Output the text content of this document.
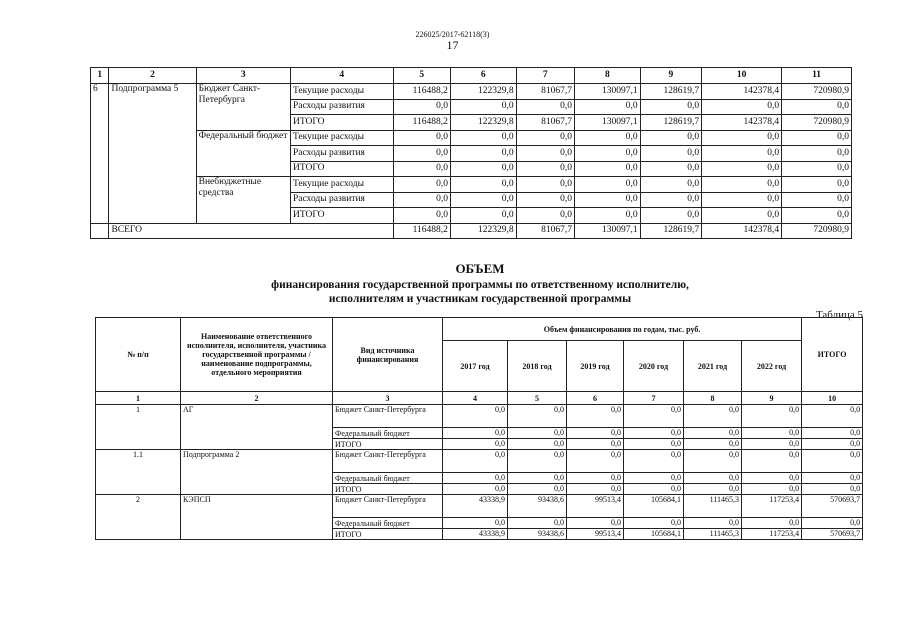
226025/2017-62118(3)
17
1	2	3	4	5	6	7	8	9	10	11
6	Подпрограмма 5	Бюджет Санкт-Петербурга	Текущие расходы	116488,2	122329,8	81067,7	130097,1	128619,7	142378,4	720980,9
			Расходы развития	0,0	0,0	0,0	0,0	0,0	0,0	0,0
			ИТОГО	116488,2	122329,8	81067,7	130097,1	128619,7	142378,4	720980,9
		Федеральный бюджет	Текущие расходы	0,0	0,0	0,0	0,0	0,0	0,0	0,0
			Расходы развития	0,0	0,0	0,0	0,0	0,0	0,0	0,0
			ИТОГО	0,0	0,0	0,0	0,0	0,0	0,0	0,0
		Внебюджетные средства	Текущие расходы	0,0	0,0	0,0	0,0	0,0	0,0	0,0
			Расходы развития	0,0	0,0	0,0	0,0	0,0	0,0	0,0
			ИТОГО	0,0	0,0	0,0	0,0	0,0	0,0	0,0
	ВСЕГО			116488,2	122329,8	81067,7	130097,1	128619,7	142378,4	720980,9
ОБЪЕМ
финансирования государственной программы по ответственному исполнителю,
исполнителям и участникам государственной программы
Таблица 5
№ п/п	Наименование ответственного исполнителя, исполнителя, участника государственной программы / наименование подпрограммы, отдельного мероприятия	Вид источника финансирования	Объем финансирования по годам, тыс. руб.						ИТОГО
			2017 год	2018 год	2019 год	2020 год	2021 год	2022 год	
1	2	3	4	5	6	7	8	9	10
1	АГ	Бюджет Санкт-Петербурга	0,0	0,0	0,0	0,0	0,0	0,0	0,0
		Федеральный бюджет	0,0	0,0	0,0	0,0	0,0	0,0	0,0
		ИТОГО	0,0	0,0	0,0	0,0	0,0	0,0	0,0
1.1	Подпрограмма 2	Бюджет Санкт-Петербурга	0,0	0,0	0,0	0,0	0,0	0,0	0,0
		Федеральный бюджет	0,0	0,0	0,0	0,0	0,0	0,0	0,0
		ИТОГО	0,0	0,0	0,0	0,0	0,0	0,0	0,0
2	КЭПСП	Бюджет Санкт-Петербурга	43338,9	93438,6	99513,4	105684,1	111465,3	117253,4	570693,7
		Федеральный бюджет	0,0	0,0	0,0	0,0	0,0	0,0	0,0
		ИТОГО	43338,9	93438,6	99513,4	105684,1	111465,3	117253,4	570693,7
